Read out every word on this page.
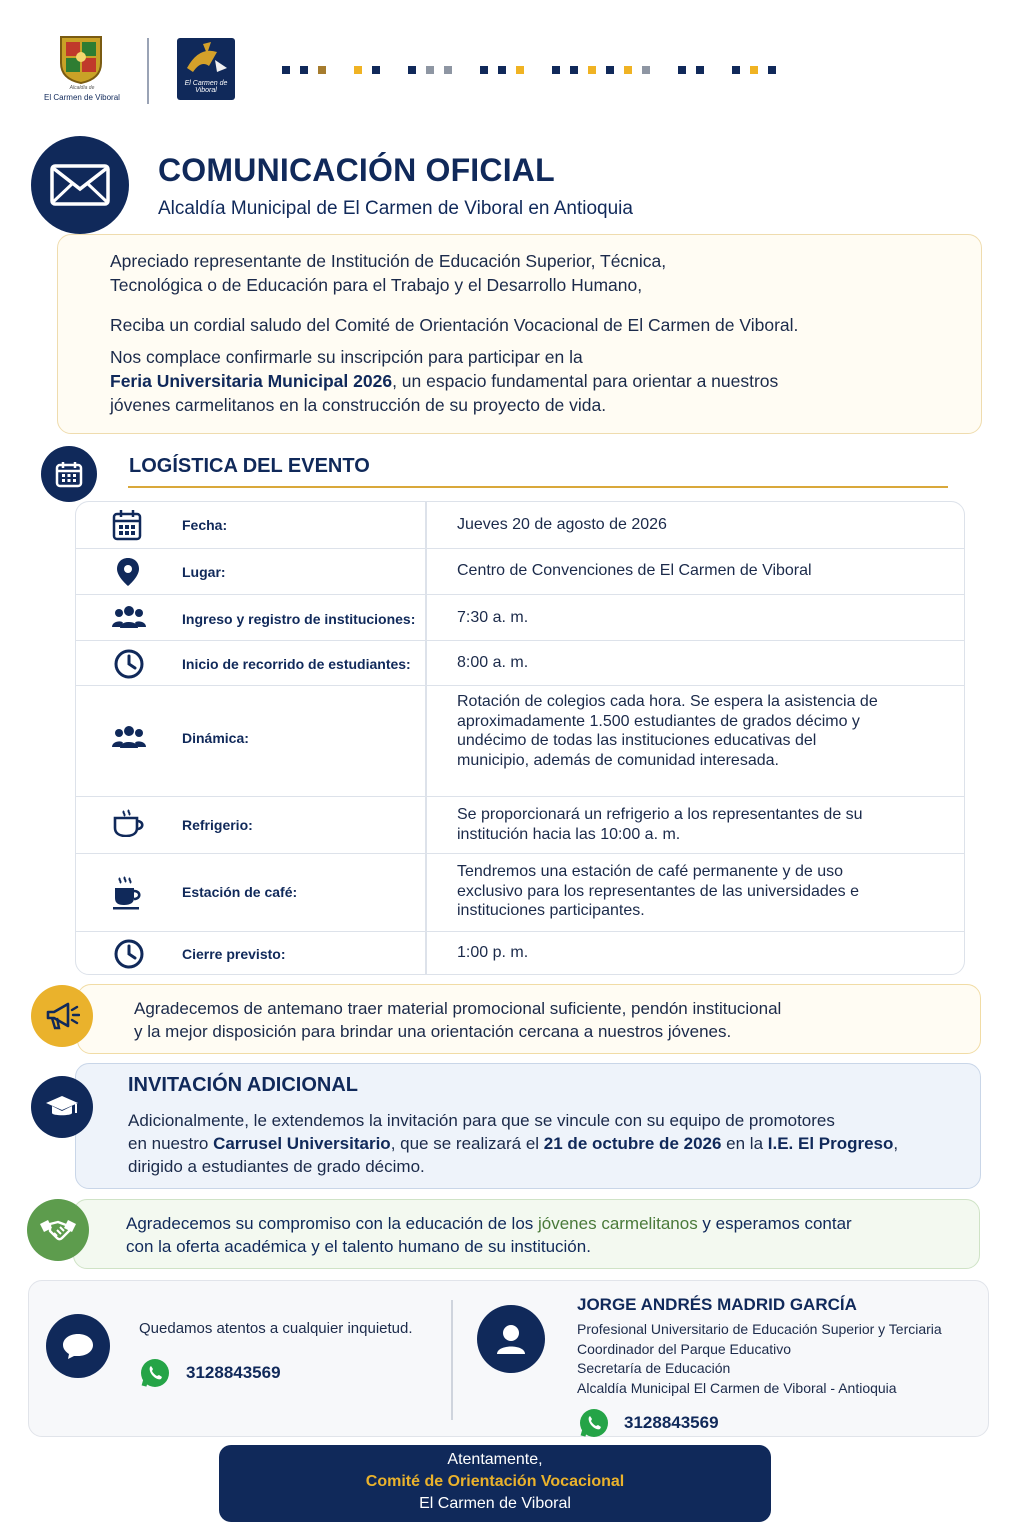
Alcaldía de
El Carmen de Viboral
El Carmen de Viboral
COMUNICACIÓN OFICIAL
Alcaldía Municipal de El Carmen de Viboral en Antioquia

Apreciado representante de Institución de Educación Superior, Técnica,
Tecnológica o de Educación para el Trabajo y el Desarrollo Humano,

Reciba un cordial saludo del Comité de Orientación Vocacional de El Carmen de Viboral.

Nos complace confirmarle su inscripción para participar en la
Feria Universitaria Municipal 2026, un espacio fundamental para orientar a nuestros
jóvenes carmelitanos en la construcción de su proyecto de vida.

LOGÍSTICA DEL EVENTO
Fecha:	Jueves 20 de agosto de 2026
Lugar:	Centro de Convenciones de El Carmen de Viboral
Ingreso y registro de instituciones:	7:30 a. m.
Inicio de recorrido de estudiantes:	8:00 a. m.
Dinámica:
Rotación de colegios cada hora. Se espera la asistencia de aproximadamente 1.500 estudiantes de grados décimo y undécimo de todas las instituciones educativas del municipio, además de comunidad interesada.
Refrigerio:
Se proporcionará un refrigerio a los representantes de su institución hacia las 10:00 a. m.
Estación de café:
Tendremos una estación de café permanente y de uso exclusivo para los representantes de las universidades e instituciones participantes.
Cierre previsto:	1:00 p. m.
Agradecemos de antemano traer material promocional suficiente, pendón institucional
y la mejor disposición para brindar una orientación cercana a nuestros jóvenes.
INVITACIÓN ADICIONAL
Adicionalmente, le extendemos la invitación para que se vincule con su equipo de promotores
en nuestro Carrusel Universitario, que se realizará el 21 de octubre de 2026 en la I.E. El Progreso,
dirigido a estudiantes de grado décimo.
Agradecemos su compromiso con la educación de los jóvenes carmelitanos y esperamos contar
con la oferta académica y el talento humano de su institución.
Quedamos atentos a cualquier inquietud.
3128843569
JORGE ANDRÉS MADRID GARCÍA
Profesional Universitario de Educación Superior y Terciaria
Coordinador del Parque Educativo
Secretaría de Educación
Alcaldía Municipal El Carmen de Viboral - Antioquia
3128843569
Atentamente,
Comité de Orientación Vocacional
El Carmen de Viboral
